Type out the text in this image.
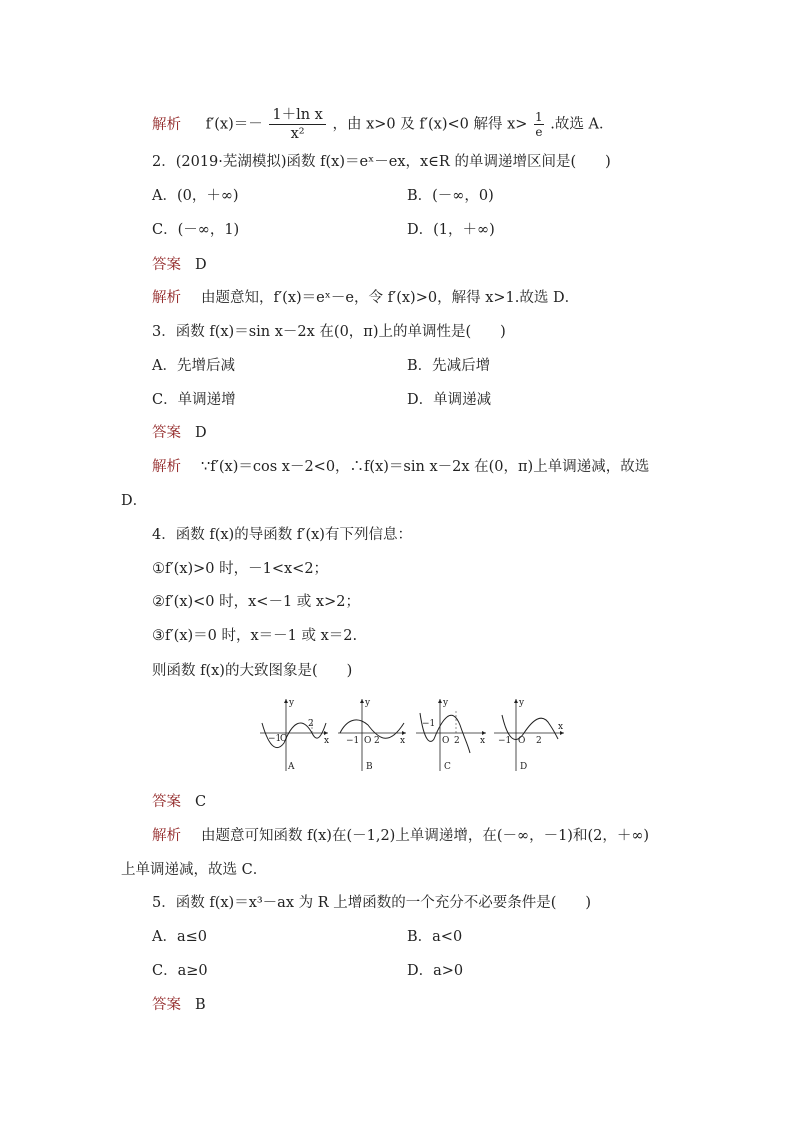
解析 $f'(x)=- \frac{\text{1＋ln x}}{\text{x²}}$ ，由 x>0 及 f′(x)<0 解得 $x> \frac{1}{e}$ .故选 A．
2．(2019·芜湖模拟)函数 f(x)＝eˣ－ex，x∈R 的单调递增区间是(　　)
A．(0，＋∞)	B．(－∞，0)
C．(－∞，1)	D．(1，＋∞)
答案 D
解析 由题意知，f′(x)＝eˣ－e，令 f′(x)>0，解得 x>1.故选 D．
3．函数 f(x)＝sin x－2x 在(0，π)上的单调性是(　　)
A．先增后减	B．先减后增
C．单调递增	D．单调递减
答案 D
解析 ∵f′(x)＝cos x－2<0，∴f(x)＝sin x－2x 在(0，π)上单调递减，故选
D．
4．函数 f(x)的导函数 f′(x)有下列信息：
①f′(x)>0 时，－1<x<2；
②f′(x)<0 时，x<－1 或 x>2；
③f′(x)＝0 时，x＝－1 或 x＝2.
则函数 f(x)的大致图象是(　　)
y
−1
O
2
x
A
y
−1 O 2 x
B
y
−1
O 2 x
C
y
−1 O 2
x
D
答案 C
解析 由题意可知函数 f(x)在(－1,2)上单调递增，在(－∞，－1)和(2，＋∞)
上单调递减，故选 C．
5．函数 f(x)＝x³－ax 为 R 上增函数的一个充分不必要条件是(　　)
A．a≤0	B．a<0
C．a≥0	D．a>0
答案 B
